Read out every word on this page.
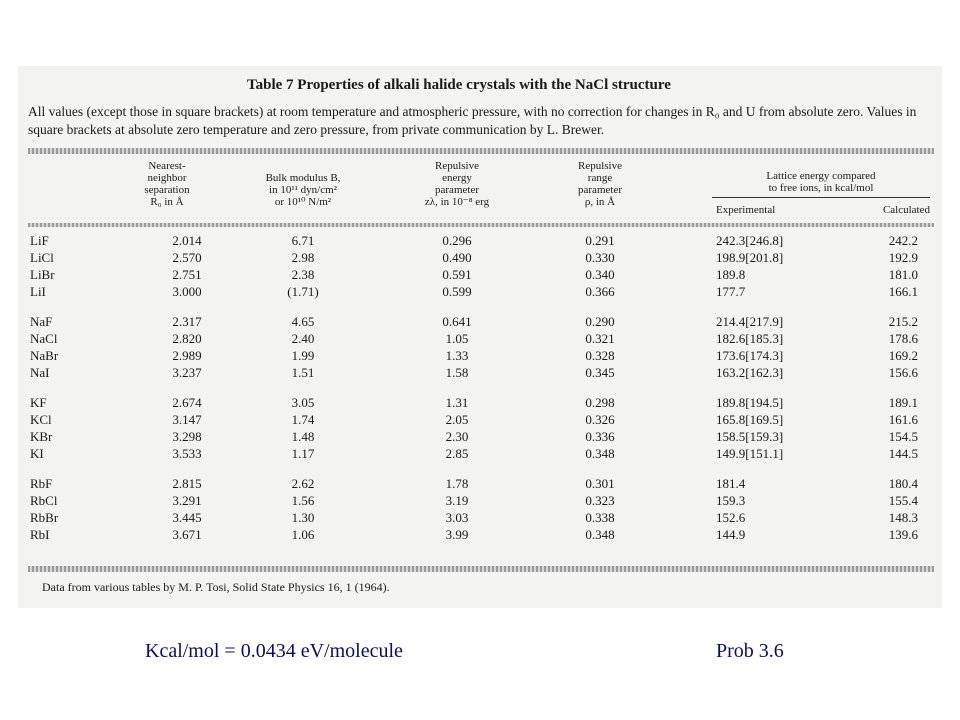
Table 7 Properties of alkali halide crystals with the NaCl structure
All values (except those in square brackets) at room temperature and atmospheric pressure, with no correction for changes in R₀ and U from absolute zero. Values in square brackets at absolute zero temperature and zero pressure, from private communication by L. Brewer.
Nearest-
neighbor
separation
R₀ in Å
Bulk modulus B,
in 10¹¹ dyn/cm²
or 10¹⁰ N/m²
Repulsive
energy
parameter
zλ, in 10⁻⁸ erg
Repulsive
range
parameter
ρ, in Å
Lattice energy compared
to free ions, in kcal/mol
Experimental	Calculated
LiF	2.014	6.71	0.296	0.291	242.3[246.8]	242.2
LiCl	2.570	2.98	0.490	0.330	198.9[201.8]	192.9
LiBr	2.751	2.38	0.591	0.340	189.8	181.0
LiI	3.000	(1.71)	0.599	0.366	177.7	166.1
NaF	2.317	4.65	0.641	0.290	214.4[217.9]	215.2
NaCl	2.820	2.40	1.05	0.321	182.6[185.3]	178.6
NaBr	2.989	1.99	1.33	0.328	173.6[174.3]	169.2
NaI	3.237	1.51	1.58	0.345	163.2[162.3]	156.6
KF	2.674	3.05	1.31	0.298	189.8[194.5]	189.1
KCl	3.147	1.74	2.05	0.326	165.8[169.5]	161.6
KBr	3.298	1.48	2.30	0.336	158.5[159.3]	154.5
KI	3.533	1.17	2.85	0.348	149.9[151.1]	144.5
RbF	2.815	2.62	1.78	0.301	181.4	180.4
RbCl	3.291	1.56	3.19	0.323	159.3	155.4
RbBr	3.445	1.30	3.03	0.338	152.6	148.3
RbI	3.671	1.06	3.99	0.348	144.9	139.6
Data from various tables by M. P. Tosi, Solid State Physics 16, 1 (1964).
Kcal/mol = 0.0434 eV/molecule	Prob 3.6
